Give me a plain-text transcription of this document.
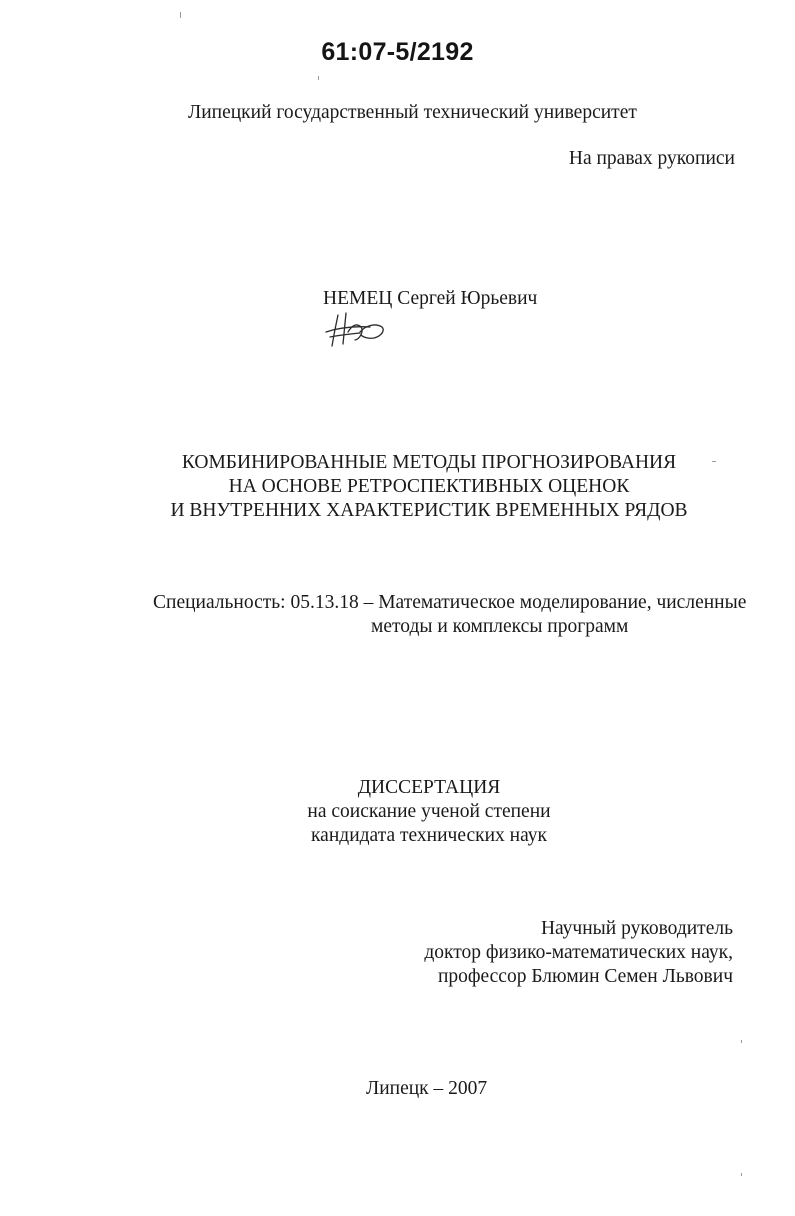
61:07-5/2192
Липецкий государственный технический университет
На правах рукописи
НЕМЕЦ Сергей Юрьевич
КОМБИНИРОВАННЫЕ МЕТОДЫ ПРОГНОЗИРОВАНИЯ
НА ОСНОВЕ РЕТРОСПЕКТИВНЫХ ОЦЕНОК
И ВНУТРЕННИХ ХАРАКТЕРИСТИК ВРЕМЕННЫХ РЯДОВ
Специальность: 05.13.18 – Математическое моделирование, численные
методы и комплексы программ
ДИССЕРТАЦИЯ
на соискание ученой степени
кандидата технических наук
Научный руководитель
доктор физико-математических наук,
профессор Блюмин Семен Львович
Липецк – 2007
